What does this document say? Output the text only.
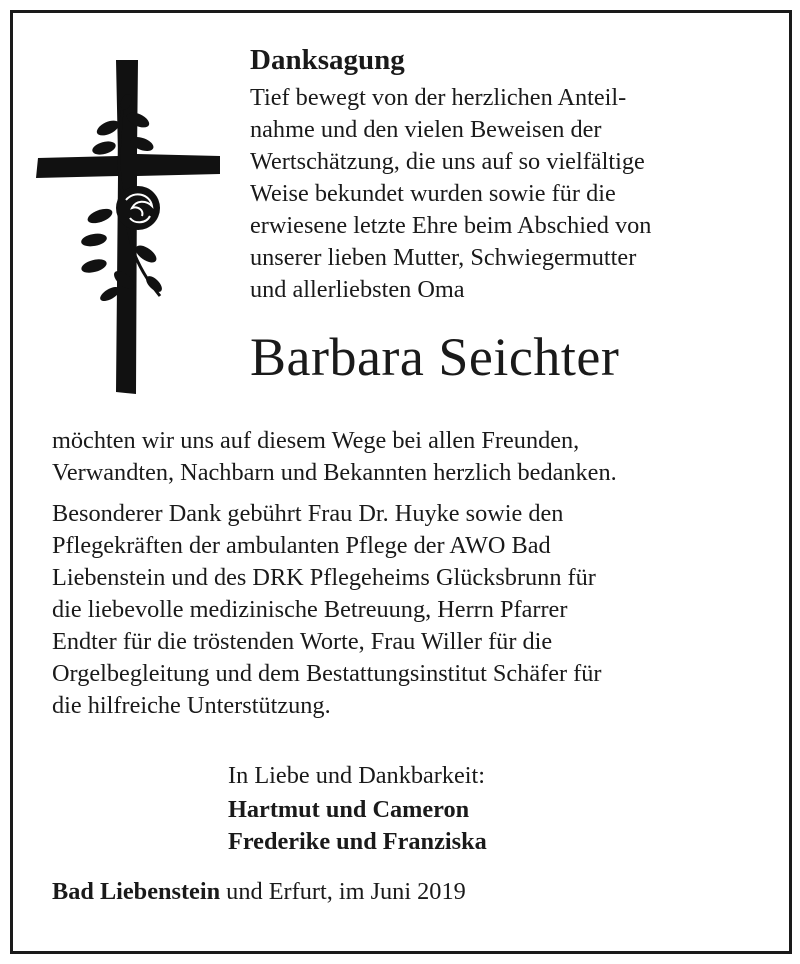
Danksagung

Tief bewegt von der herzlichen Anteil-
nahme und den vielen Beweisen der
Wertschätzung, die uns auf so vielfältige
Weise bekundet wurden sowie für die
erwiesene letzte Ehre beim Abschied von
unserer lieben Mutter, Schwiegermutter
und allerliebsten Oma

Barbara Seichter

möchten wir uns auf diesem Wege bei allen Freunden,
Verwandten, Nachbarn und Bekannten herzlich bedanken.

Besonderer Dank gebührt Frau Dr. Huyke sowie den
Pflegekräften der ambulanten Pflege der AWO Bad
Liebenstein und des DRK Pflegeheims Glücksbrunn für
die liebevolle medizinische Betreuung, Herrn Pfarrer
Endter für die tröstenden Worte, Frau Willer für die
Orgelbegleitung und dem Bestattungsinstitut Schäfer für
die hilfreiche Unterstützung.

In Liebe und Dankbarkeit:

Hartmut und Cameron
Frederike und Franziska

Bad Liebenstein und Erfurt, im Juni 2019
